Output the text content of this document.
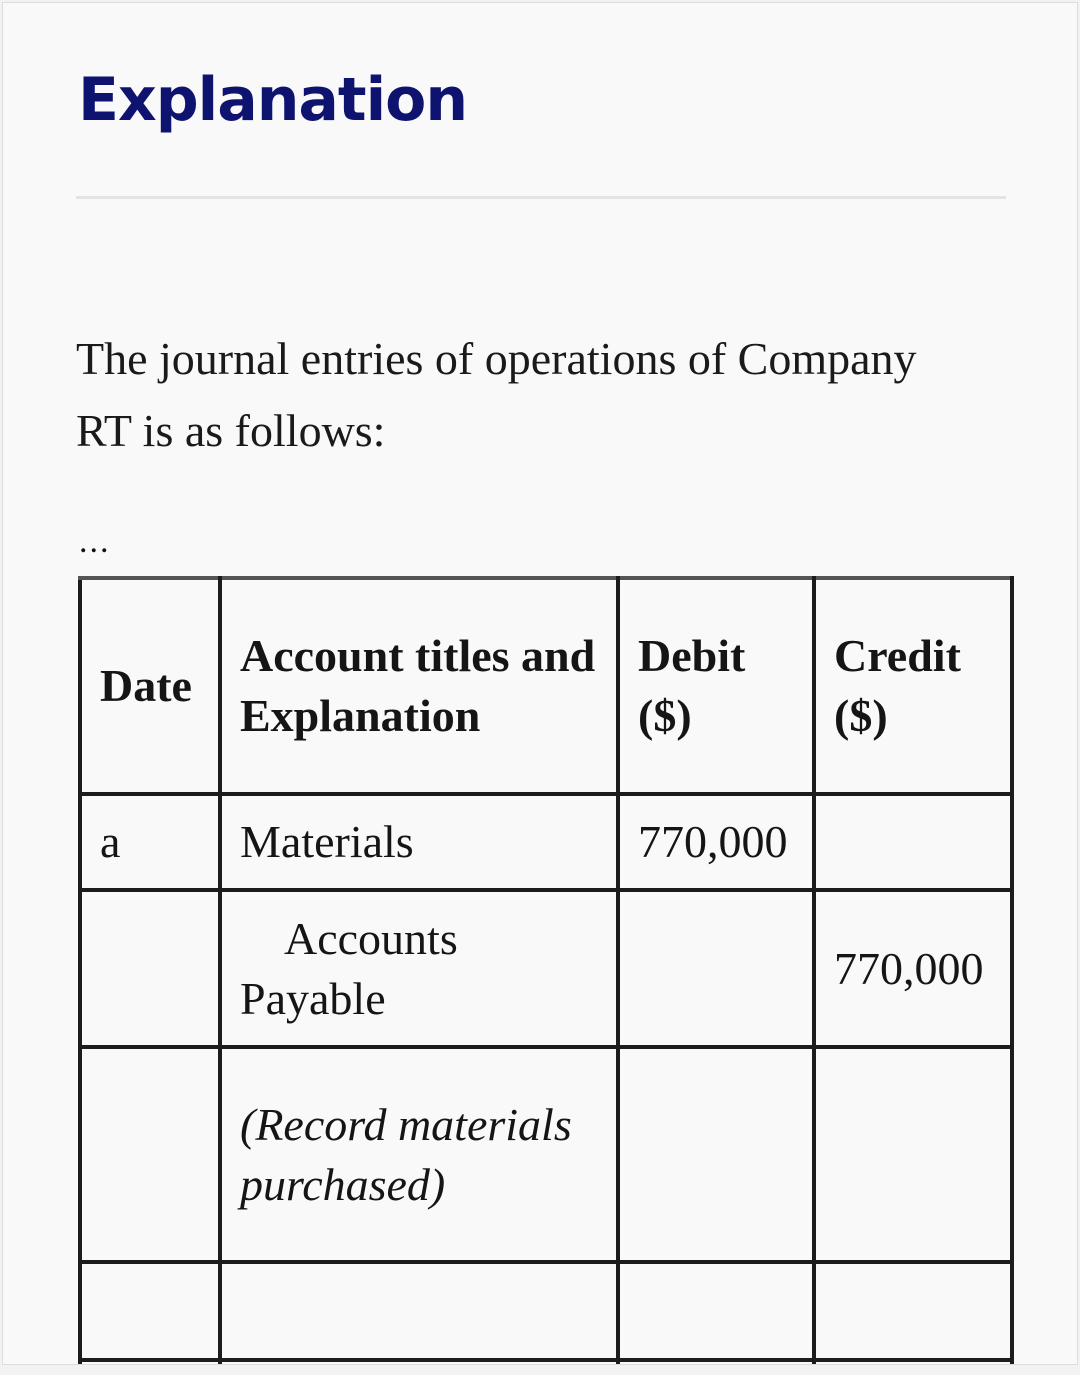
Explanation

The journal entries of operations of Company RT is as follows:

...
Date	Account titles and Explanation	Debit ($)	Credit ($)
a	Materials	770,000	
	Accounts Payable		770,000
	(Record materials purchased)		
